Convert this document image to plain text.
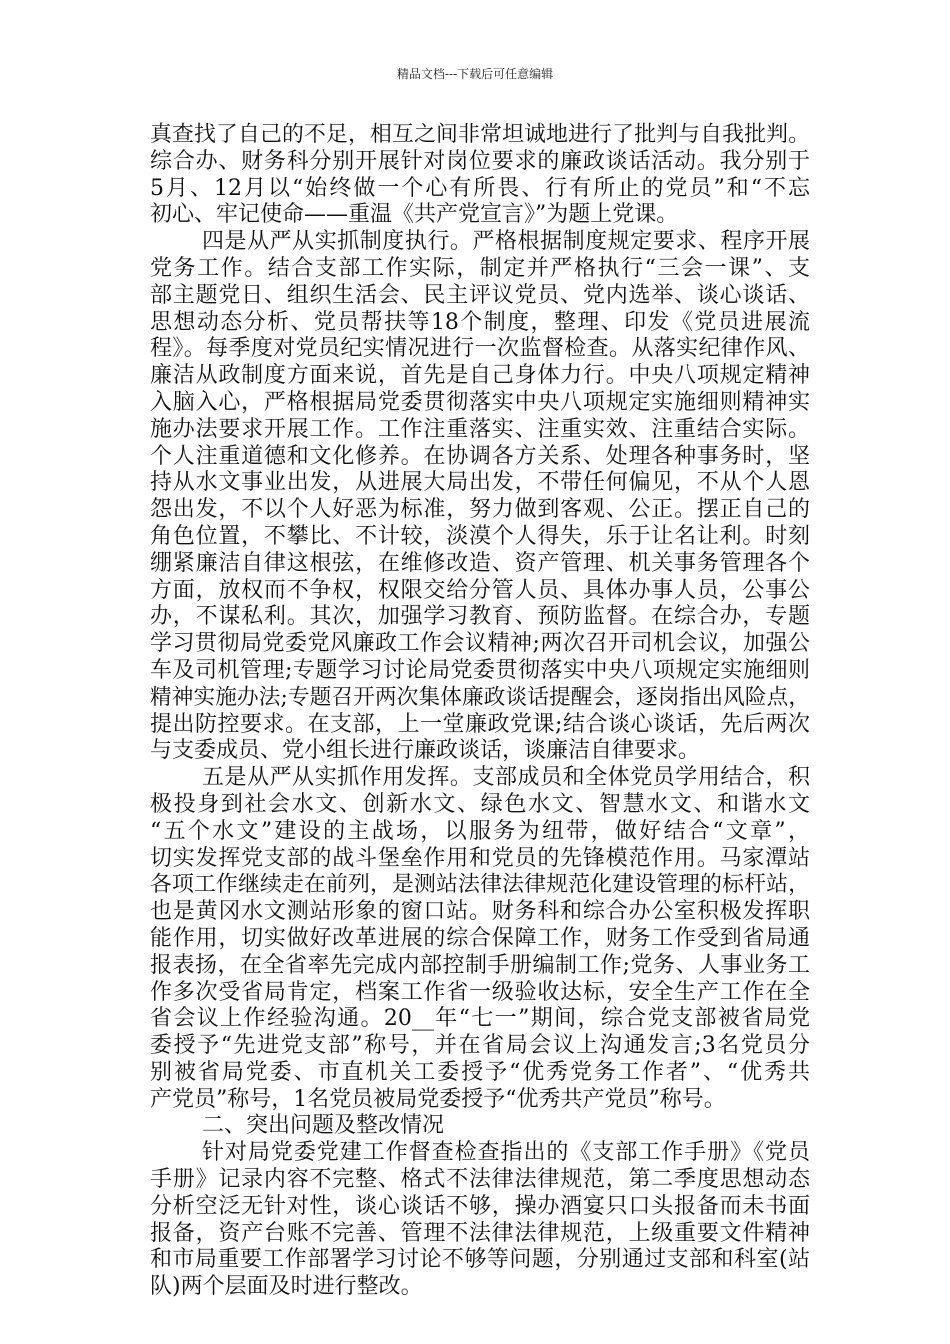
精品文档---下载后可任意编辑
真查找了自己的不足，相互之间非常坦诚地进行了批判与自我批判。
综合办、财务科分别开展针对岗位要求的廉政谈话活动。我分别于
5月、12月以“始终做一个心有所畏、行有所止的党员”和“不忘
初心、牢记使命——重温《共产党宣言》”为题上党课。
四是从严从实抓制度执行。严格根据制度规定要求、程序开展
党务工作。结合支部工作实际，制定并严格执行“三会一课”、支
部主题党日、组织生活会、民主评议党员、党内选举、谈心谈话、
思想动态分析、党员帮扶等18个制度，整理、印发《党员进展流
程》。每季度对党员纪实情况进行一次监督检查。从落实纪律作风、
廉洁从政制度方面来说，首先是自己身体力行。中央八项规定精神
入脑入心，严格根据局党委贯彻落实中央八项规定实施细则精神实
施办法要求开展工作。工作注重落实、注重实效、注重结合实际。
个人注重道德和文化修养。在协调各方关系、处理各种事务时，坚
持从水文事业出发，从进展大局出发，不带任何偏见，不从个人恩
怨出发，不以个人好恶为标准，努力做到客观、公正。摆正自己的
角色位置，不攀比、不计较，淡漠个人得失，乐于让名让利。时刻
绷紧廉洁自律这根弦，在维修改造、资产管理、机关事务管理各个
方面，放权而不争权，权限交给分管人员、具体办事人员，公事公
办，不谋私利。其次，加强学习教育、预防监督。在综合办，专题
学习贯彻局党委党风廉政工作会议精神;两次召开司机会议，加强公
车及司机管理;专题学习讨论局党委贯彻落实中央八项规定实施细则
精神实施办法;专题召开两次集体廉政谈话提醒会，逐岗指出风险点，
提出防控要求。在支部，上一堂廉政党课;结合谈心谈话，先后两次
与支委成员、党小组长进行廉政谈话，谈廉洁自律要求。
五是从严从实抓作用发挥。支部成员和全体党员学用结合，积
极投身到社会水文、创新水文、绿色水文、智慧水文、和谐水文
“五个水文”建设的主战场，以服务为纽带，做好结合“文章”，
切实发挥党支部的战斗堡垒作用和党员的先锋模范作用。马家潭站
各项工作继续走在前列，是测站法律法律规范化建设管理的标杆站，
也是黄冈水文测站形象的窗口站。财务科和综合办公室积极发挥职
能作用，切实做好改革进展的综合保障工作，财务工作受到省局通
报表扬，在全省率先完成内部控制手册编制工作;党务、人事业务工
作多次受省局肯定，档案工作省一级验收达标，安全生产工作在全
省会议上作经验沟通。20__年“七一”期间，综合党支部被省局党
委授予“先进党支部”称号，并在省局会议上沟通发言;3名党员分
别被省局党委、市直机关工委授予“优秀党务工作者”、“优秀共
产党员”称号，1名党员被局党委授予“优秀共产党员”称号。
二、突出问题及整改情况
针对局党委党建工作督查检查指出的《支部工作手册》《党员
手册》记录内容不完整、格式不法律法律规范，第二季度思想动态
分析空泛无针对性，谈心谈话不够，操办酒宴只口头报备而未书面
报备，资产台账不完善、管理不法律法律规范，上级重要文件精神
和市局重要工作部署学习讨论不够等问题，分别通过支部和科室(站
队)两个层面及时进行整改。
